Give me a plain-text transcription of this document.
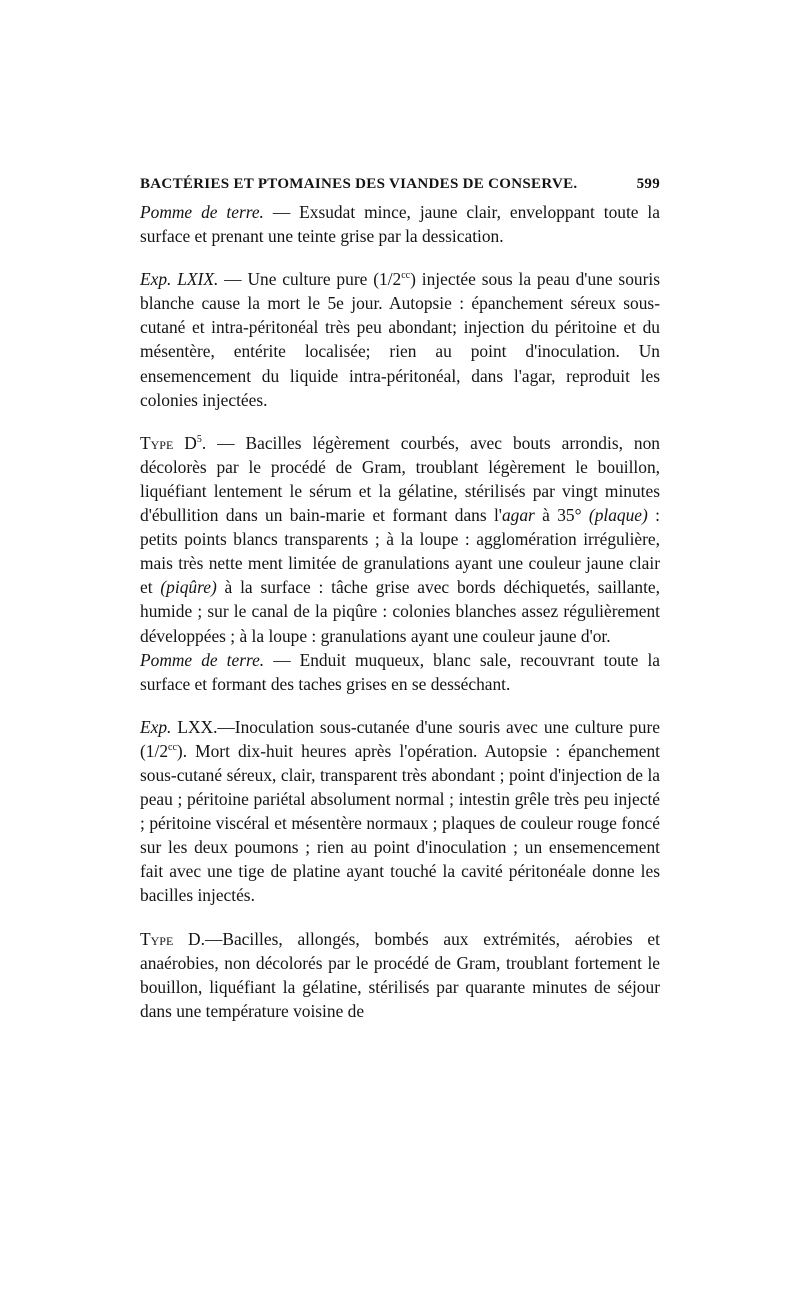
BACTÉRIES ET PTOMAINES DES VIANDES DE CONSERVE.	599

Pomme de terre. — Exsudat mince, jaune clair, enveloppant toute la surface et prenant une teinte grise par la dessication.

Exp. LXIX. — Une culture pure $(1/2^{cc})$ injectée sous la peau d'une souris blanche cause la mort le 5e jour. Autopsie : épanchement séreux sous-cutané et intra-péritonéal très peu abondant; injection du péritoine et du mésentère, entérite localisée; rien au point d'inoculation. Un ensemencement du liquide intra-péritonéal, dans l'agar, reproduit les colonies injectées.

Type $D^5$. — Bacilles légèrement courbés, avec bouts arrondis, non décolorès par le procédé de Gram, troublant légèrement le bouillon, liquéfiant lentement le sérum et la gélatine, stérilisés par vingt minutes d'ébullition dans un bain-marie et formant dans l'agar à 35° (plaque) : petits points blancs transparents ; à la loupe : agglomération irrégulière, mais très nette ment limitée de granulations ayant une couleur jaune clair et (piqûre) à la surface : tâche grise avec bords déchiquetés, saillante, humide ; sur le canal de la piqûre : colonies blanches assez régulièrement développées ; à la loupe : granulations ayant une couleur jaune d'or.

Pomme de terre. — Enduit muqueux, blanc sale, recouvrant toute la surface et formant des taches grises en se desséchant.

Exp. LXX.—Inoculation sous-cutanée d'une souris avec une culture pure $(1/2^{cc})$. Mort dix-huit heures après l'opération. Autopsie : épanchement sous-cutané séreux, clair, transparent très abondant ; point d'injection de la peau ; péritoine pariétal absolument normal ; intestin grêle très peu injecté ; péritoine viscéral et mésentère normaux ; plaques de couleur rouge foncé sur les deux poumons ; rien au point d'inoculation ; un ensemencement fait avec une tige de platine ayant touché la cavité péritonéale donne les bacilles injectés.

Type D.—Bacilles, allongés, bombés aux extrémités, aérobies et anaérobies, non décolorés par le procédé de Gram, troublant fortement le bouillon, liquéfiant la gélatine, stérilisés par quarante minutes de séjour dans une température voisine de
